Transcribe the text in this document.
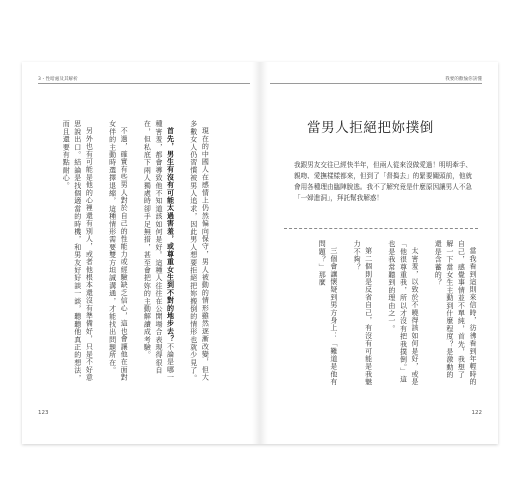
3・性暗處及其解析

現在的中國人在感情上仍然偏向保守，男人被動的情形雖然逐漸改變，但大多數女人仍習慣被男人追求，因此男人想要拒絕把妳搬倒的情形也就少見了。

首先，男生有沒有可能太過害羞，或尊重女生到不對的地步去？不論是哪一種害羞，都會導致他不知道該如何是好。這種人往往在公開場合表現得很自在，但私底下兩人獨處時卻手足無措，甚至會把妳的主動解讀成考驗。

不過，確實有些男人對於自己的性能力或經驗缺乏信心，這也會讓他在面對女伴的主動時選擇退縮，這種情形需要雙方坦誠溝通，才能找出問題所在。

另外也有可能是他的心裡還有別人，或者他根本還沒有準備好，只是不好意思說出口。結論是找個適當的時機，和男友好好談一談，聽聽他真正的想法，而且還要有點耐心。

123
我要的歡愉你該懂
當男人拒絕把妳撲倒
我跟男友交往已經快半年，但兩人從來沒做愛過！明明牽手、親吻、愛撫樣樣都來，但到了「督搗去」的緊要關頭前，他就會用各種理由臨陣脫逃。我不了解究竟是什麼原因讓男人不急「一婦進洞」，拜託幫我解惑！

當我看到這則來信時，彷彿看到年輕時的自己，感覺事情並不單純，首先，我想了解一下當女生主動到什麼程度？是激動的還是含蓄的？

太害羞，以致於不曉得該如何是好，或是「他很尊重我，所以才沒有把我撲倒。」這也是我常聽到的理由之一。

第二個則是反省自己，有沒有可能是我魅力不夠？

三個會讓懷疑到男方身上：「難道是他有問題？」那麼

122
